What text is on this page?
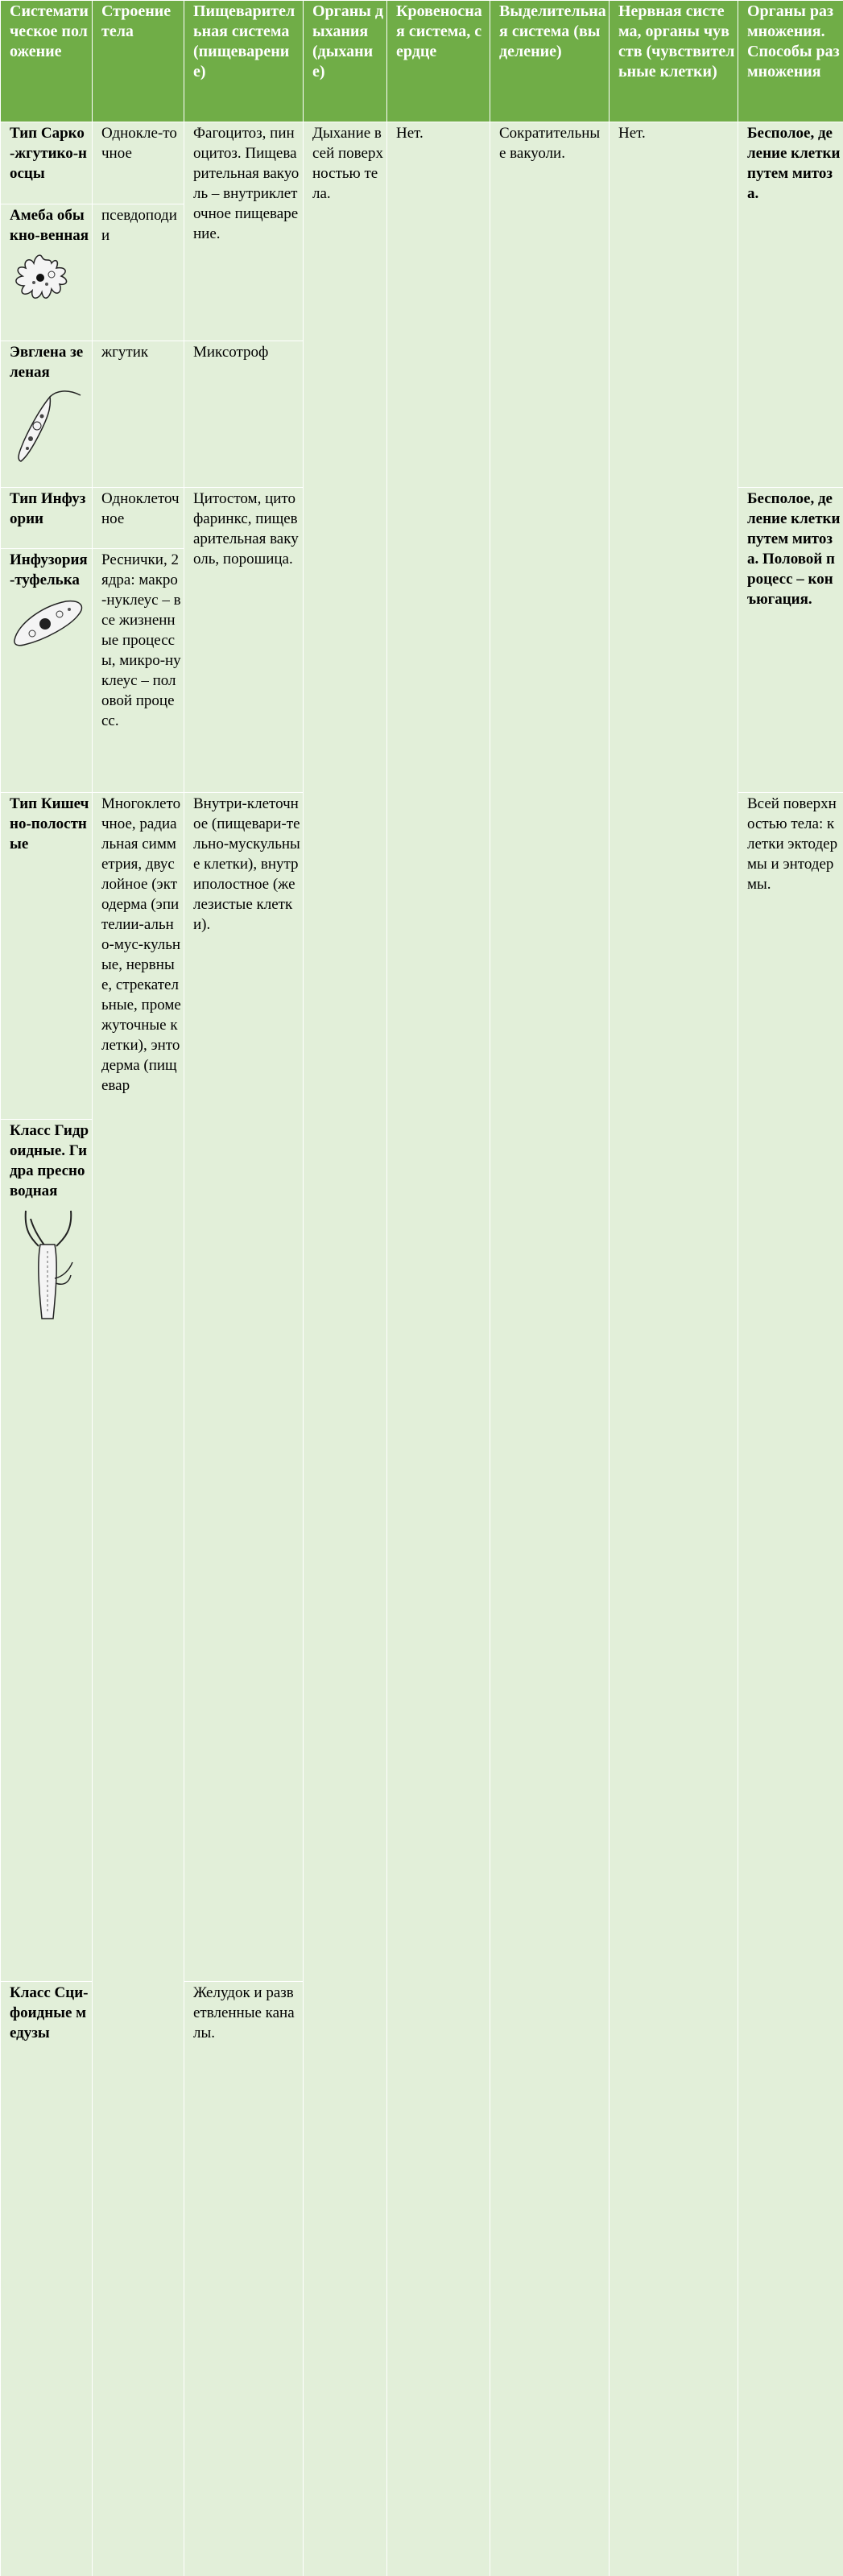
Систематическое положение	Строение тела	Пищеварительная система (пищеварение)	Органы дыхания (дыхание)	Кровеносная система, сердце	Выделительная система (выделение)	Нервная система, органы чувств (чувствительные клетки)	Органы размножения. Способы размножения	
Тип Сарко-жгутико-носцы	Однокле-точное	Фагоцитоз, пиноцитоз. Пищеварительная вакуоль – внутриклеточное пищеварение.	Дыхание всей поверхностью тела.	Нет.	Сократительные вакуоли.	Нет.	Бесполое, деление клетки путем митоза.	
Амеба обыкно-венная	псевдоподии							
Эвглена зеленая	жгутик	Миксотроф						
Тип Инфузории	Одноклеточное	Цитостом, цитофаринкс, пищеварительная вакуоль, порошица.					Бесполое, деление клетки путем митоза. Половой процесс – конъюгация.	
Инфузория-туфелька	Реснички, 2 ядра: макро-нуклеус – все жизненные процессы, микро-нуклеус – половой процесс.							
Тип Кишечно-полостные	Многоклеточное, радиальная симметрия, двуслойное (эктодерма (эпителии-ально-мус-кульные, нервные, стрекательные, промежуточные клетки), энтодерма (пищевар	Внутри-клеточное (пищевари-тельно-мускульные клетки), внутриполостное (железистые клетки).					Всей поверхностью тела: клетки эктодермы и энтодермы.		
Класс Гидроидные. Гидра пресноводная								

Класс Сци-фоидные медузы		Желудок и разветвленные каналы.	
